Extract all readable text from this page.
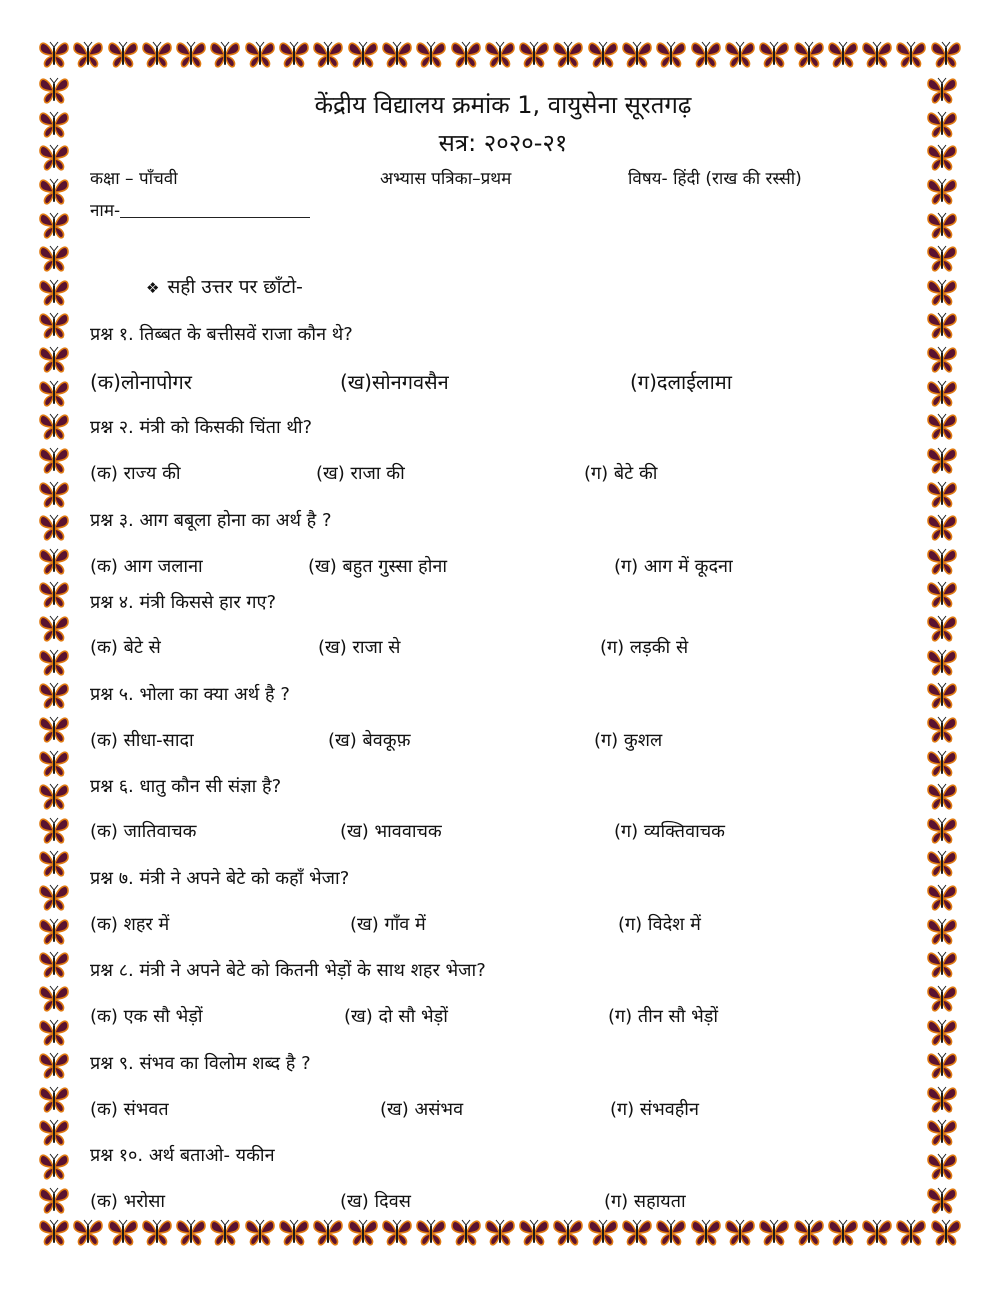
केंद्रीय विद्यालय क्रमांक 1, वायुसेना सूरतगढ़
सत्र: २०२०-२१
कक्षा – पाँचवी	अभ्यास पत्रिका–प्रथम	विषय- हिंदी (राख की रस्सी)
नाम-
❖ सही उत्तर पर छाँटो-
प्रश्न १. तिब्बत के बत्तीसवें राजा कौन थे?
(क)लोनापोगर	(ख)सोनगवसैन	(ग)दलाईलामा
प्रश्न २. मंत्री को किसकी चिंता थी?
(क) राज्य की	(ख) राजा की	(ग) बेटे की
प्रश्न ३. आग बबूला होना का अर्थ है ?
(क) आग जलाना	(ख) बहुत गुस्सा होना	(ग) आग में कूदना
प्रश्न ४. मंत्री किससे हार गए?
(क) बेटे से	(ख) राजा से	(ग) लड़की से
प्रश्न ५. भोला का क्या अर्थ है ?
(क) सीधा-सादा	(ख) बेवकूफ़	(ग) कुशल
प्रश्न ६. धातु कौन सी संज्ञा है?
(क) जातिवाचक	(ख) भाववाचक	(ग) व्यक्तिवाचक
प्रश्न ७. मंत्री ने अपने बेटे को कहाँ भेजा?
(क) शहर में	(ख) गाँव में	(ग) विदेश में
प्रश्न ८. मंत्री ने अपने बेटे को कितनी भेड़ों के साथ शहर भेजा?
(क) एक सौ भेड़ों	(ख) दो सौ भेड़ों	(ग) तीन सौ भेड़ों
प्रश्न ९. संभव का विलोम शब्द है ?
(क) संभवत	(ख) असंभव	(ग) संभवहीन
प्रश्न १०. अर्थ बताओ- यकीन
(क) भरोसा	(ख) दिवस	(ग) सहायता
